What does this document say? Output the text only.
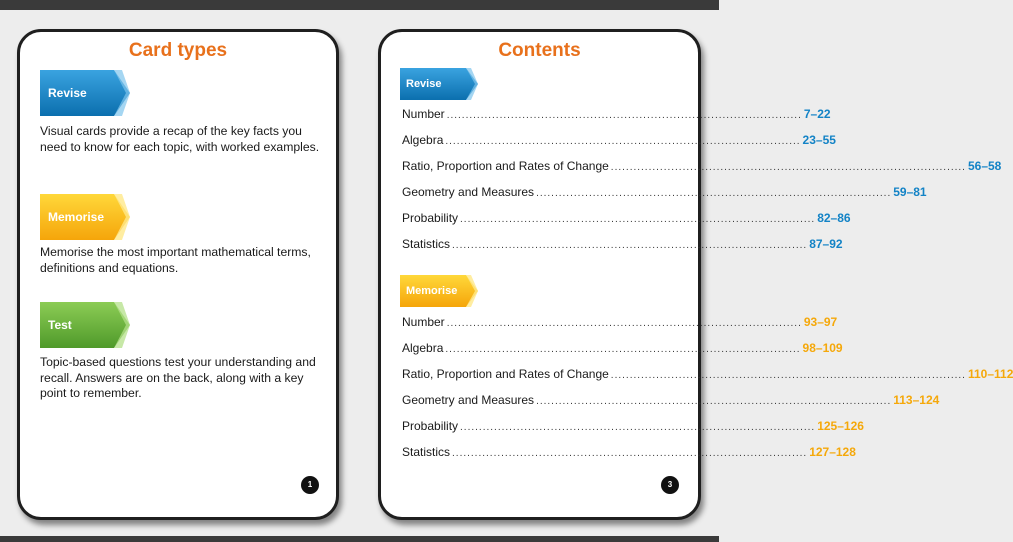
Card types
Revise
Visual cards provide a recap of the key facts you need to know for each topic, with worked examples.
Memorise
Memorise the most important mathematical terms, definitions and equations.
Test
Topic-based questions test your understanding and recall. Answers are on the back, along with a key point to remember.
1
Contents
Revise
Number .............................................................................................. 7–22
Algebra .............................................................................................. 23–55
Ratio, Proportion and Rates of Change .............................................................................................. 56–58
Geometry and Measures .............................................................................................. 59–81
Probability .............................................................................................. 82–86
Statistics .............................................................................................. 87–92
Memorise
Number .............................................................................................. 93–97
Algebra .............................................................................................. 98–109
Ratio, Proportion and Rates of Change .............................................................................................. 110–112
Geometry and Measures .............................................................................................. 113–124
Probability .............................................................................................. 125–126
Statistics .............................................................................................. 127–128
3
